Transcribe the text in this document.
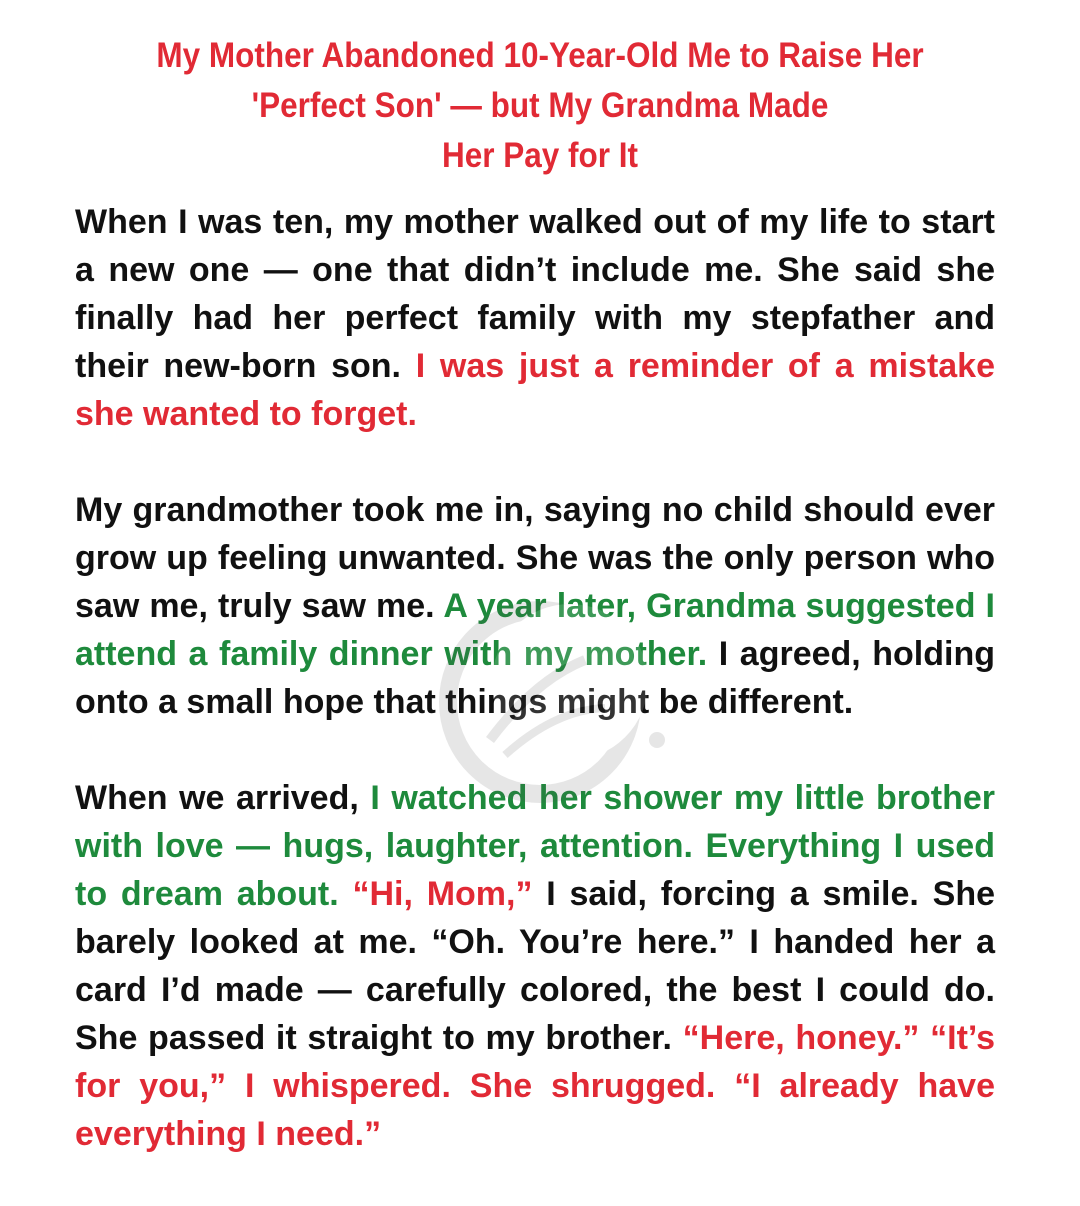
My Mother Abandoned 10-Year-Old Me to Raise Her
'Perfect Son' — but My Grandma Made
Her Pay for It

When I was ten, my mother walked out of my life to start a new one — one that didn’t include me. She said she finally had her perfect family with my stepfather and their new-born son. I was just a reminder of a mistake she wanted to forget.

My grandmother took me in, saying no child should ever grow up feeling unwanted. She was the only person who saw me, truly saw me. A year later, Grandma suggested I attend a family dinner with my mother. I agreed, holding onto a small hope that things might be different.

When we arrived, I watched her shower my little brother with love — hugs, laughter, attention. Everything I used to dream about. “Hi, Mom,” I said, forcing a smile. She barely looked at me. “Oh. You’re here.” I handed her a card I’d made — carefully colored, the best I could do. She passed it straight to my brother. “Here, honey.” “It’s for you,” I whispered. She shrugged. “I already have everything I need.”
